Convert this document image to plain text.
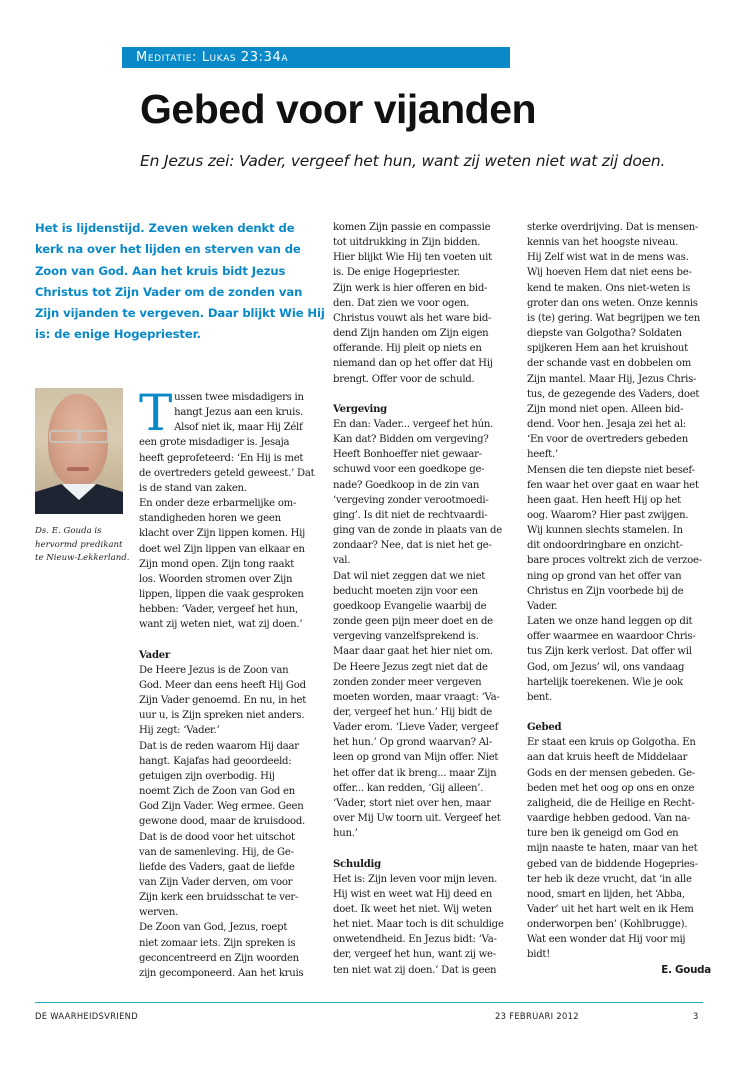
Meditatie: Lukas 23:34a
Gebed voor vijanden
En Jezus zei: Vader, vergeef het hun, want zij weten niet wat zij doen.
Het is lijdenstijd. Zeven weken denkt de kerk na over het lijden en sterven van de Zoon van God. Aan het kruis bidt Jezus Christus tot Zijn Vader om de zonden van Zijn vijanden te vergeven. Daar blijkt Wie Hij is: de enige Hogepriester.
Ds. E. Gouda is hervormd predikant te Nieuw-Lekkerland.
T ussen twee misdadigers in

hangt Jezus aan een kruis.

Alsof niet ik, maar Hij Zélf

een grote misdadiger is. Jesaja

heeft geprofeteerd: ‘En Hij is met

de overtreders geteld geweest.’ Dat

is de stand van zaken.

En onder deze erbarmelijke om-

standigheden horen we geen

klacht over Zijn lippen komen. Hij

doet wel Zijn lippen van elkaar en

Zijn mond open. Zijn tong raakt

los. Woorden stromen over Zijn

lippen, lippen die vaak gesproken

hebben: ‘Vader, vergeef het hun,

want zij weten niet, wat zij doen.’

Vader

De Heere Jezus is de Zoon van

God. Meer dan eens heeft Hij God

Zijn Vader genoemd. En nu, in het

uur u, is Zijn spreken niet anders.

Hij zegt: ‘Vader.’

Dat is de reden waarom Hij daar

hangt. Kajafas had geoordeeld:

getuigen zijn overbodig. Hij

noemt Zich de Zoon van God en

God Zijn Vader. Weg ermee. Geen

gewone dood, maar de kruisdood.

Dat is de dood voor het uitschot

van de samenleving. Hij, de Ge-

liefde des Vaders, gaat de liefde

van Zijn Vader derven, om voor

Zijn kerk een bruidsschat te ver-

werven.

De Zoon van God, Jezus, roept

niet zomaar iets. Zijn spreken is

geconcentreerd en Zijn woorden

zijn gecomponeerd. Aan het kruis

komen Zijn passie en compassie

tot uitdrukking in Zijn bidden.

Hier blijkt Wie Hij ten voeten uit

is. De enige Hogepriester.

Zijn werk is hier offeren en bid-

den. Dat zien we voor ogen.

Christus vouwt als het ware bid-

dend Zijn handen om Zijn eigen

offerande. Hij pleit op niets en

niemand dan op het offer dat Hij

brengt. Offer voor de schuld.

Vergeving

En dan: Vader... vergeef het hún.

Kan dat? Bidden om vergeving?

Heeft Bonhoeffer niet gewaar-

schuwd voor een goedkope ge-

nade? Goedkoop in de zin van

‘vergeving zonder verootmoedi-

ging’. Is dit niet de rechtvaardi-

ging van de zonde in plaats van de

zondaar? Nee, dat is niet het ge-

val.

Dat wil niet zeggen dat we niet

beducht moeten zijn voor een

goedkoop Evangelie waarbij de

zonde geen pijn meer doet en de

vergeving vanzelfsprekend is.

Maar daar gaat het hier niet om.

De Heere Jezus zegt niet dat de

zonden zonder meer vergeven

moeten worden, maar vraagt: ‘Va-

der, vergeef het hun.’ Hij bidt de

Vader erom. ‘Lieve Vader, vergeef

het hun.’ Op grond waarvan? Al-

leen op grond van Mijn offer. Niet

het offer dat ik breng... maar Zijn

offer... kan redden, ‘Gij alleen’.

‘Vader, stort niet over hen, maar

over Mij Uw toorn uit. Vergeef het

hun.’

Schuldig

Het is: Zijn leven voor mijn leven.

Hij wist en weet wat Hij deed en

doet. Ik weet het niet. Wij weten

het niet. Maar toch is dit schuldige

onwetendheid. En Jezus bidt: ‘Va-

der, vergeef het hun, want zij we-

ten niet wat zij doen.’ Dat is geen

sterke overdrijving. Dat is mensen-

kennis van het hoogste niveau.

Hij Zelf wist wat in de mens was.

Wij hoeven Hem dat niet eens be-

kend te maken. Ons niet-weten is

groter dan ons weten. Onze kennis

is (te) gering. Wat begrijpen we ten

diepste van Golgotha? Soldaten

spijkeren Hem aan het kruishout

der schande vast en dobbelen om

Zijn mantel. Maar Hij, Jezus Chris-

tus, de gezegende des Vaders, doet

Zijn mond niet open. Alleen bid-

dend. Voor hen. Jesaja zei het al:

‘En voor de overtreders gebeden

heeft.’

Mensen die ten diepste niet besef-

fen waar het over gaat en waar het

heen gaat. Hen heeft Hij op het

oog. Waarom? Hier past zwijgen.

Wij kunnen slechts stamelen. In

dit ondoordringbare en onzicht-

bare proces voltrekt zich de verzoe-

ning op grond van het offer van

Christus en Zijn voorbede bij de

Vader.

Laten we onze hand leggen op dit

offer waarmee en waardoor Chris-

tus Zijn kerk verlost. Dat offer wil

God, om Jezus’ wil, ons vandaag

hartelijk toerekenen. Wie je ook

bent.

Gebed

Er staat een kruis op Golgotha. En

aan dat kruis heeft de Middelaar

Gods en der mensen gebeden. Ge-

beden met het oog op ons en onze

zaligheid, die de Heilige en Recht-

vaardige hebben gedood. Van na-

ture ben ik geneigd om God en

mijn naaste te haten, maar van het

gebed van de biddende Hogepries-

ter heb ik deze vrucht, dat ‘in alle

nood, smart en lijden, het ‘Abba,

Vader’ uit het hart welt en ik Hem

onderworpen ben’ (Kohlbrugge).

Wat een wonder dat Hij voor mij

bidt!

E. Gouda
DE WAARHEIDSVRIEND	23 FEBRUARI 2012	3
